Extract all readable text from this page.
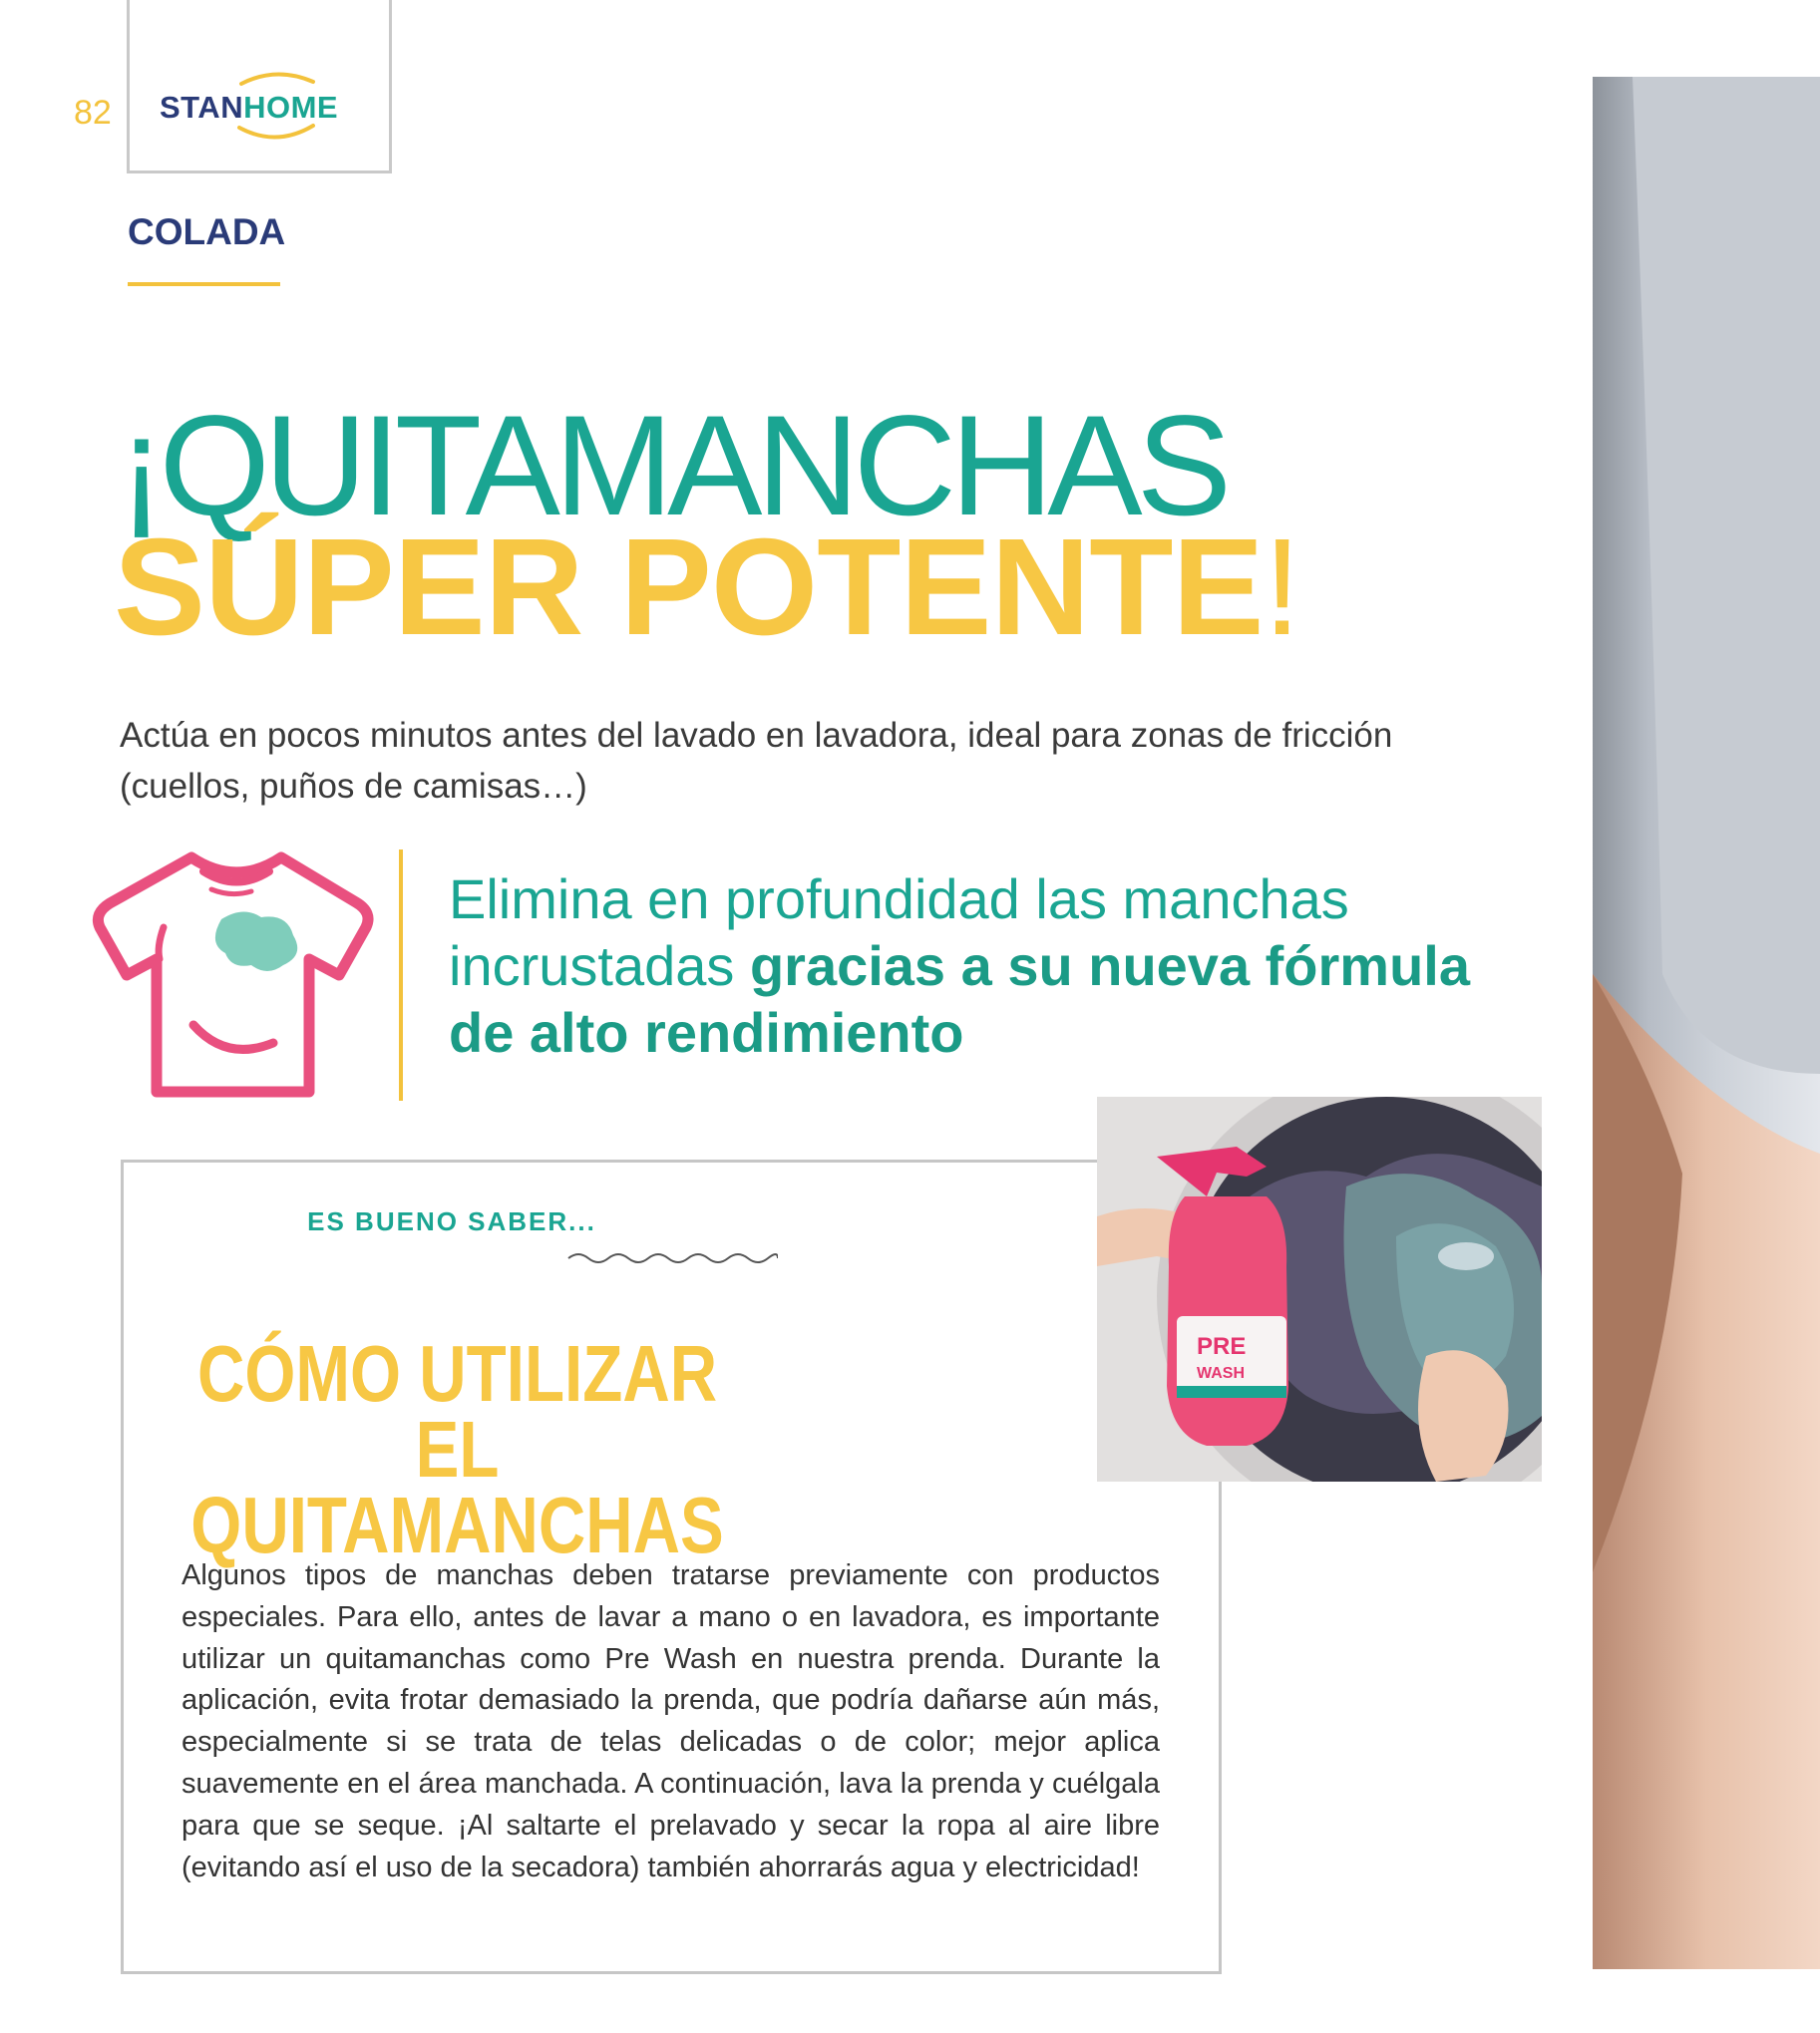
82 STANHOME
COLADA
¡QUITAMANCHAS
SÚPER POTENTE!
Actúa en pocos minutos antes del lavado en lavadora, ideal para zonas de fricción (cuellos, puños de camisas…)
Elimina en profundidad las manchas incrustadas gracias a su nueva fórmula de alto rendimiento
ES BUENO SABER...
CÓMO UTILIZAR EL QUITAMANCHAS
Algunos tipos de manchas deben tratarse previamente con productos especiales. Para ello, antes de lavar a mano o en lavadora, es importante utilizar un quitamanchas como Pre Wash en nuestra prenda. Durante la aplicación, evita frotar demasiado la prenda, que podría dañarse aún más, especialmente si se trata de telas delicadas o de color; mejor aplica suavemente en el área manchada. A continuación, lava la prenda y cuélgala para que se seque. ¡Al saltarte el prelavado y secar la ropa al aire libre (evitando así el uso de la secadora) también ahorrarás agua y electricidad!
PRE
WASH
